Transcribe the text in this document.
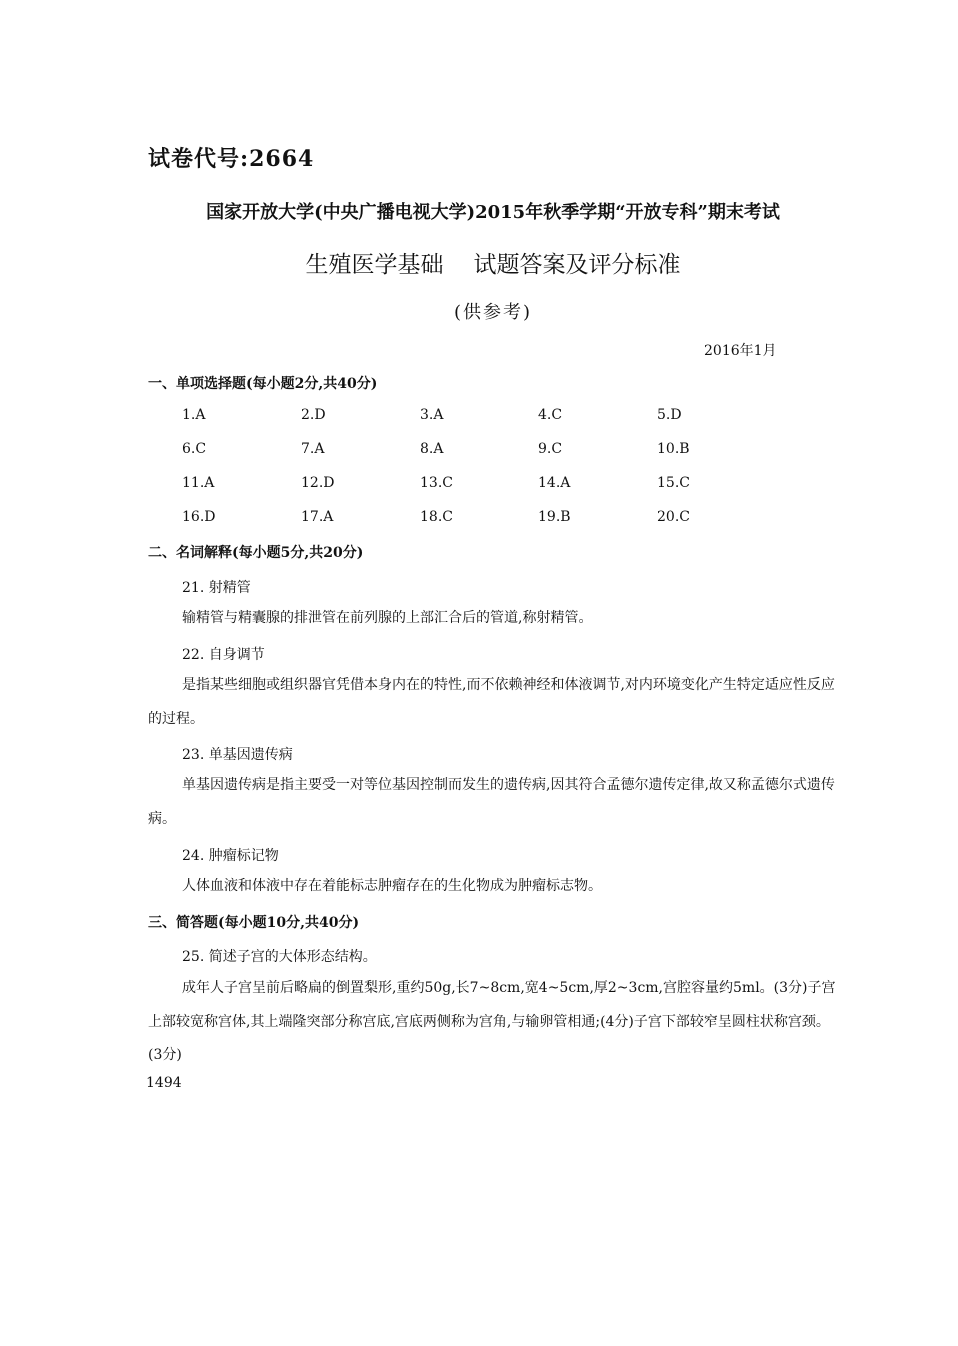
试卷代号:2664
国家开放大学(中央广播电视大学)2015年秋季学期“开放专科”期末考试
生殖医学基础 试题答案及评分标准
(供参考)
2016年1月
一、单项选择题(每小题2分,共40分)
1.A	2.D	3.A	4.C	5.D
6.C	7.A	8.A	9.C	10.B
11.A	12.D	13.C	14.A	15.C
16.D	17.A	18.C	19.B	20.C
二、名词解释(每小题5分,共20分)
21. 射精管
输精管与精囊腺的排泄管在前列腺的上部汇合后的管道,称射精管。
22. 自身调节
是指某些细胞或组织器官凭借本身内在的特性,而不依赖神经和体液调节,对内环境变化产生特定适应性反应的过程。
23. 单基因遗传病
单基因遗传病是指主要受一对等位基因控制而发生的遗传病,因其符合孟德尔遗传定律,故又称孟德尔式遗传病。
24. 肿瘤标记物
人体血液和体液中存在着能标志肿瘤存在的生化物成为肿瘤标志物。
三、简答题(每小题10分,共40分)
25. 简述子宫的大体形态结构。
成年人子宫呈前后略扁的倒置梨形,重约50g,长7~8cm,宽4~5cm,厚2~3cm,宫腔容量约5ml。(3分)子宫上部较宽称宫体,其上端隆突部分称宫底,宫底两侧称为宫角,与输卵管相通;(4分)子宫下部较窄呈圆柱状称宫颈。(3分)
1494
